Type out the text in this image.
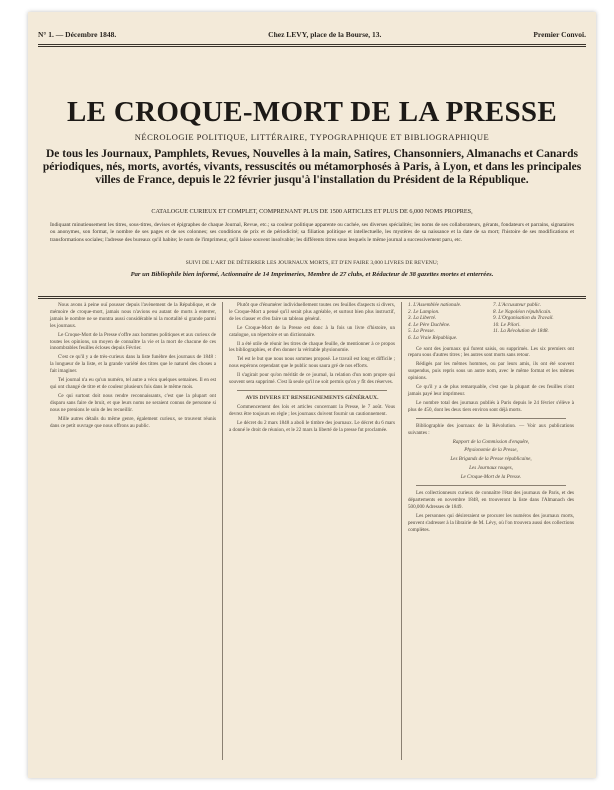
N° 1. — Décembre 1848.	Chez LEVY, place de la Bourse, 13.	Premier Convoi.
LE CROQUE-MORT DE LA PRESSE
NÉCROLOGIE POLITIQUE, LITTÉRAIRE, TYPOGRAPHIQUE ET BIBLIOGRAPHIQUE
De tous les Journaux, Pamphlets, Revues, Nouvelles à la main, Satires, Chansonniers, Almanachs et Canards périodiques, nés, morts, avortés, vivants, ressuscités ou métamorphosés à Paris, à Lyon, et dans les principales villes de France, depuis le 22 février jusqu'à l'installation du Président de la République.
CATALOGUE CURIEUX ET COMPLET, COMPRENANT PLUS DE 1500 ARTICLES ET PLUS DE 6,000 NOMS PROPRES,
Indiquant minutieusement les titres, sous-titres, devises et épigraphes de chaque Journal, Revue, etc.; sa couleur politique apparente ou cachée, ses diverses spécialités; les noms de ses collaborateurs, gérants, fondateurs et parrains, signataires ou anonymes, son format, le nombre de ses pages et de ses colonnes; ses conditions de prix et de périodicité; sa filiation politique et intellectuelle, les mystères de sa naissance et la date de sa mort; l'histoire de ses modifications et transformations sociales; l'adresse des bureaux qu'il habite; le nom de l'imprimeur, qu'il laisse souvent insolvable; les différents titres sous lesquels le même journal a successivement paru, etc.
SUIVI DE L'ART DE DÉTERRER LES JOURNAUX MORTS, ET D'EN FAIRE 3,000 LIVRES DE REVENU;
Par un Bibliophile bien informé, Actionnaire de 14 Imprimeries, Membre de 27 clubs, et Rédacteur de 38 gazettes mortes et enterrées.

Nous avons à peine ouï pousser depuis l'avènement de la République, et de mémoire de croque-mort, jamais nous n'avions eu autant de morts à enterrer, jamais le nombre ne se montra aussi considérable ni la mortalité si grande parmi les journaux.

Le Croque-Mort de la Presse s'offre aux hommes politiques et aux curieux de toutes les opinions, un moyen de connaître la vie et la mort de chacune de ces innombrables feuilles écloses depuis Février.

C'est ce qu'il y a de très-curieux dans la liste funèbre des journaux de 1848 : la longueur de la liste, et la grande variété des titres que le naturel des choses a fait imaginer.

Tel journal n'a eu qu'un numéro, tel autre a vécu quelques semaines. Il en est qui ont changé de titre et de couleur plusieurs fois dans le même mois.

Ce qui surtout doit nous rendre reconnaissants, c'est que la plupart ont disparu sans faire de bruit, et que leurs noms ne seraient connus de personne si nous ne prenions le soin de les recueillir.

Mille autres détails du même genre, également curieux, se trouvent réunis dans ce petit ouvrage que nous offrons au public.

Plutôt que d'énumérer individuellement toutes ces feuilles d'aspects si divers, le Croque-Mort a pensé qu'il serait plus agréable, et surtout bien plus instructif, de les classer et d'en faire un tableau général.

Le Croque-Mort de la Presse est donc à la fois un livre d'histoire, un catalogue, un répertoire et un dictionnaire.

Il a été utile de réunir les titres de chaque feuille, de mentionner à ce propos les bibliographies, et d'en donner la véritable physionomie.

Tel est le but que nous nous sommes proposé. Le travail est long et difficile ; nous espérons cependant que le public nous saura gré de nos efforts.

Il s'agirait pour qu'on méritât de ce journal, la relation d'un nom propre qui souvent sera supprimé. C'est là seule qu'il ne soit permis qu'on y fît des réserves.

AVIS DIVERS ET RENSEIGNEMENTS GÉNÉRAUX.

Commencement des lois et articles concernant la Presse, le 7 août. Vous devrez être toujours en règle ; les journaux doivent fournir un cautionnement.

Le décret du 2 mars 1848 a aboli le timbre des journaux. Le décret du 6 mars a donné le droit de réunion, et le 22 mars la liberté de la presse fut proclamée.

1. L'Assemblée nationale.	7. L'Accusateur public.
2. Le Lampion.	8. Le Napoléon républicain.
3. La Liberté.	9. L'Organisation du Travail.
4. Le Père Duchêne.	10. Le Pilori.
5. La Presse.	11. La Révolution de 1848.
6. La Vraie République.

Ce sont des journaux qui furent saisis, ou supprimés. Les six premiers ont reparu sous d'autres titres ; les autres sont morts sans retour.

Rédigés par les mêmes hommes, ou par leurs amis, ils ont été souvent suspendus, puis repris sous un autre nom, avec le même format et les mêmes opinions.

Ce qu'il y a de plus remarquable, c'est que la plupart de ces feuilles n'ont jamais payé leur imprimeur.

Le nombre total des journaux publiés à Paris depuis le 24 février s'élève à plus de 450, dont les deux tiers environ sont déjà morts.

Bibliographie des journaux de la Révolution. — Voir aux publications suivantes :

Rapport de la Commission d'enquête,

Physionomie de la Presse,

Les Brigands de la Presse républicaine,

Les Journaux rouges,

Le Croque-Mort de la Presse.

Les collectionneurs curieux de connaître l'état des journaux de Paris, et des départements en novembre 1848, en trouveront la liste dans l'Almanach des 500,000 Adresses de 1849.

Les personnes qui désireraient se procurer les numéros des journaux morts, peuvent s'adresser à la librairie de M. Lévy, où l'on trouvera aussi des collections complètes.
